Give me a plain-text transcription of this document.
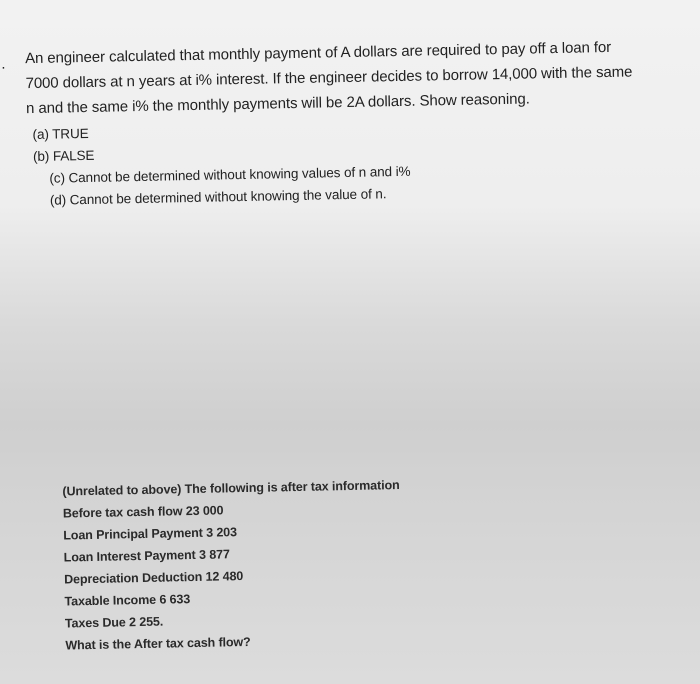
. An engineer calculated that monthly payment of A dollars are required to pay off a loan for
7000 dollars at n years at i% interest. If the engineer decides to borrow 14,000 with the same
n and the same i% the monthly payments will be 2A dollars. Show reasoning.
(a) TRUE
(b) FALSE
(c) Cannot be determined without knowing values of n and i%
(d) Cannot be determined without knowing the value of n.
(Unrelated to above) The following is after tax information
Before tax cash flow 23 000
Loan Principal Payment 3 203
Loan Interest Payment 3 877
Depreciation Deduction 12 480
Taxable Income 6 633
Taxes Due 2 255.
What is the After tax cash flow?
